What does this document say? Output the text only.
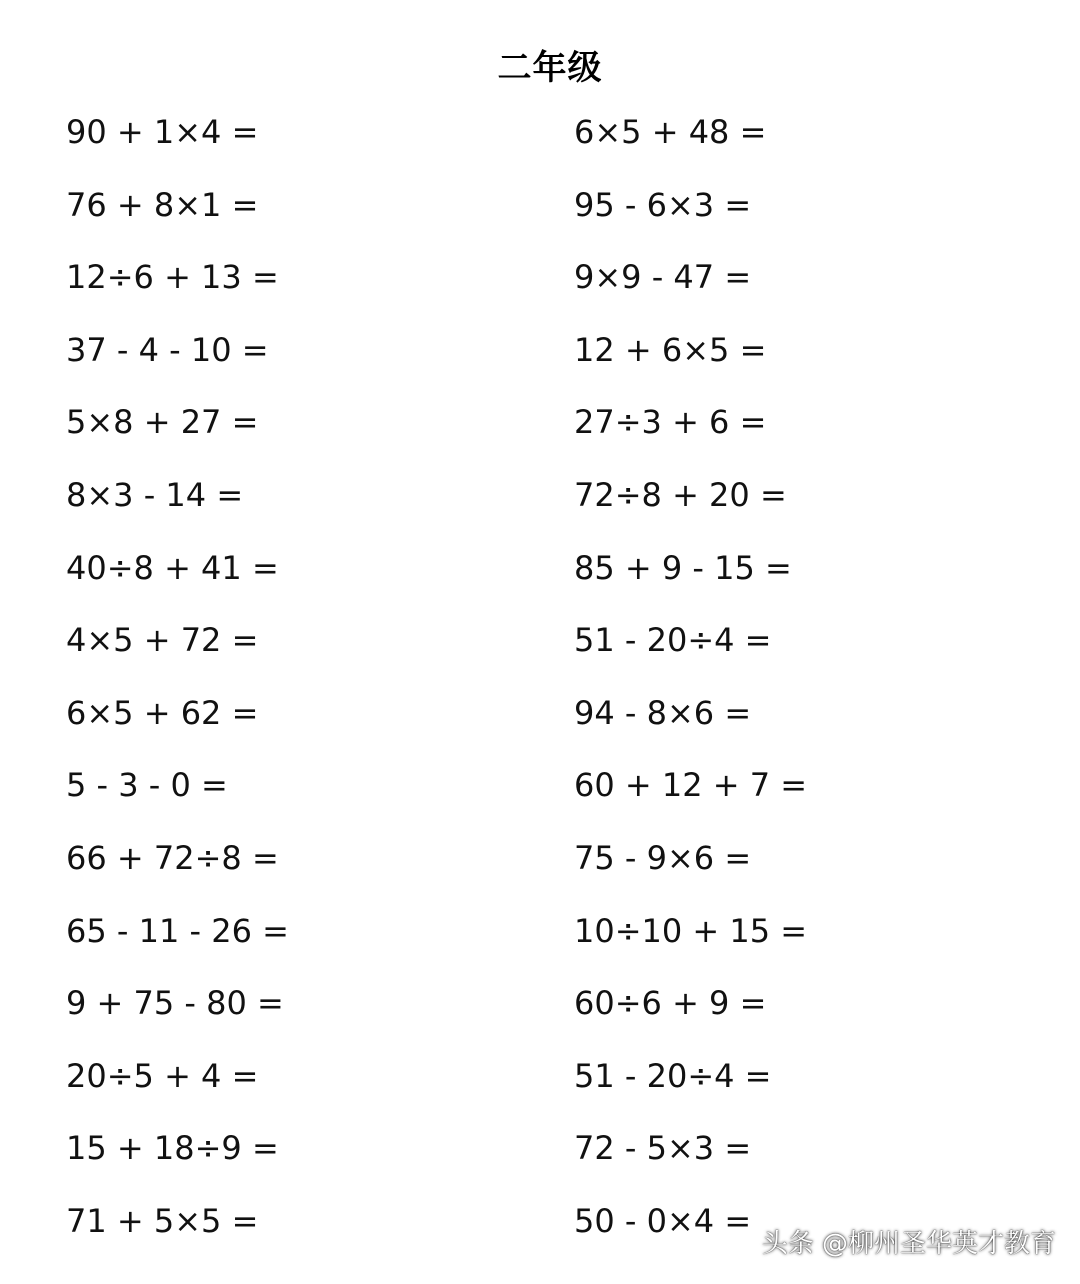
二年级
90 + 1×4 =
76 + 8×1 =
12÷6 + 13 =
37 - 4 - 10 =
5×8 + 27 =
8×3 - 14 =
40÷8 + 41 =
4×5 + 72 =
6×5 + 62 =
5 - 3 - 0 =
66 + 72÷8 =
65 - 11 - 26 =
9 + 75 - 80 =
20÷5 + 4 =
15 + 18÷9 =
71 + 5×5 =
6×5 + 48 =
95 - 6×3 =
9×9 - 47 =
12 + 6×5 =
27÷3 + 6 =
72÷8 + 20 =
85 + 9 - 15 =
51 - 20÷4 =
94 - 8×6 =
60 + 12 + 7 =
75 - 9×6 =
10÷10 + 15 =
60÷6 + 9 =
51 - 20÷4 =
72 - 5×3 =
50 - 0×4 =
头条 @柳州圣华英才教育
